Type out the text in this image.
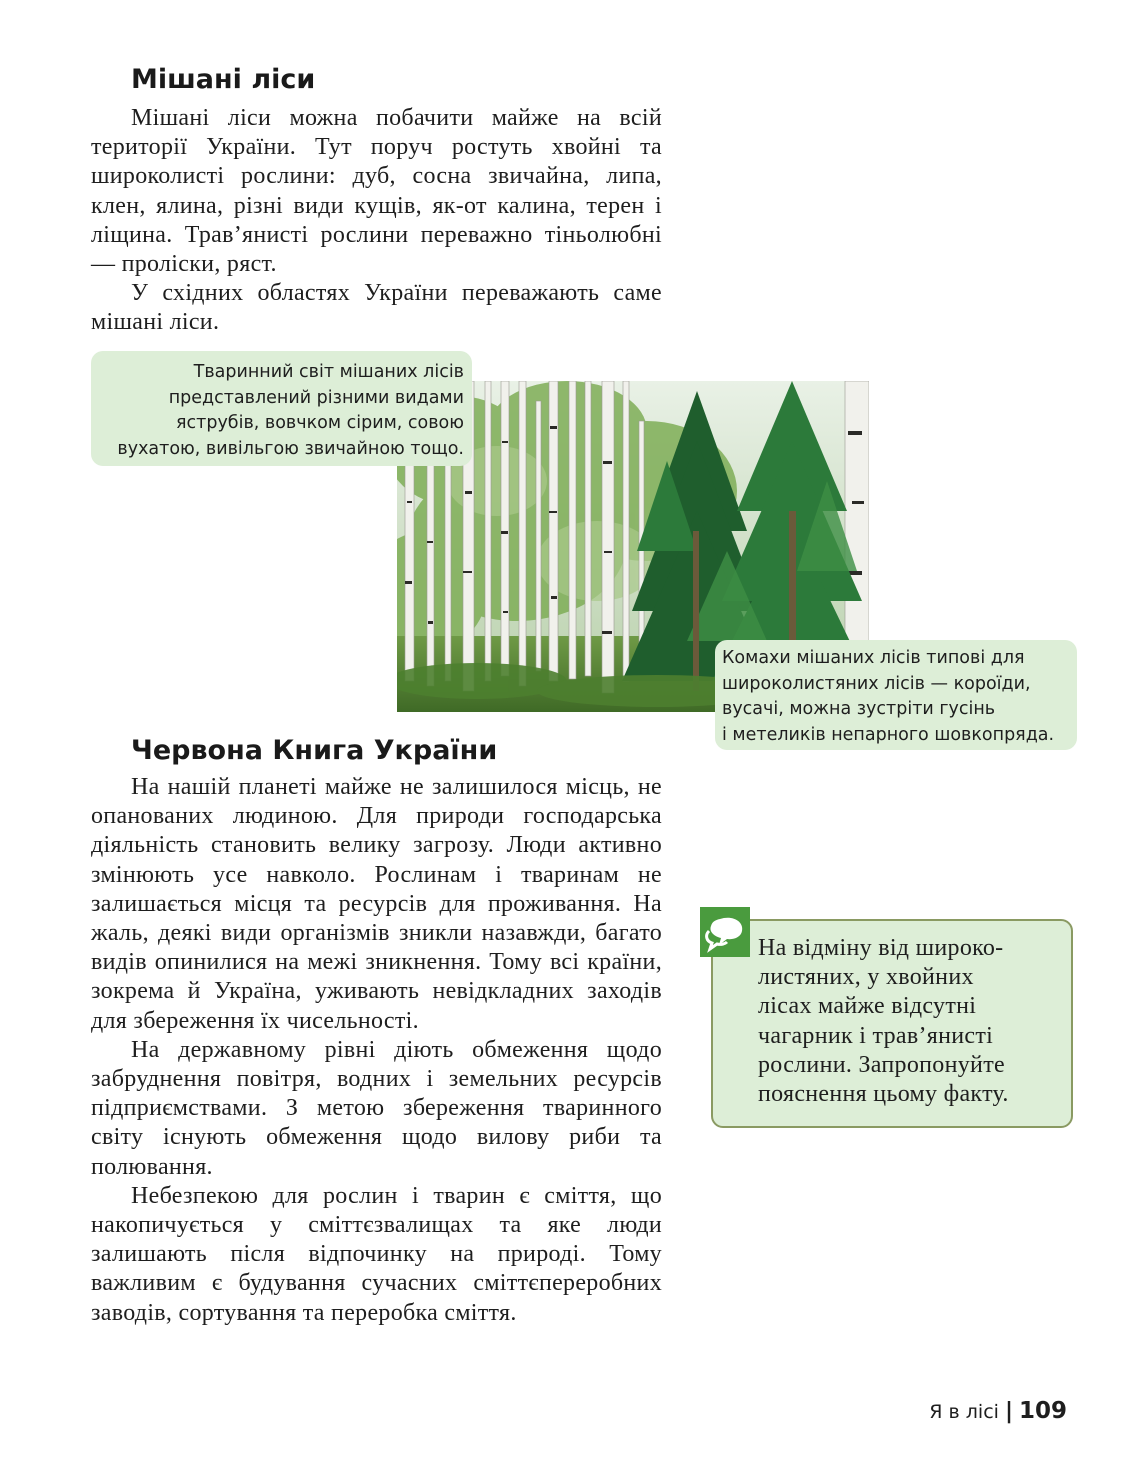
Мішані ліси

Мішані ліси можна побачити майже на всій території України. Тут поруч ростуть хвойні та широколисті рослини: дуб, сосна звичайна, липа, клен, ялина, різні види кущів, як-от калина, терен і ліщина. Трав’янисті рослини переважно тіньолюбні — проліски, ряст.

У східних областях України переважають саме мішані ліси.

Тваринний світ мішаних лісів
представлений різними видами
яструбів, вовчком сірим, совою
вухатою, вивільгою звичайною тощо.
Комахи мішаних лісів типові для
широколистяних лісів — короїди,
вусачі, можна зустріти гусінь
і метеликів непарного шовкопряда.
Червона Книга України

На нашій планеті майже не залишилося місць, не опанованих людиною. Для природи господарська діяльність становить велику загрозу. Люди активно змінюють усе навколо. Рослинам і тваринам не залишається місця та ресурсів для проживання. На жаль, деякі види організмів зникли назавжди, багато видів опинилися на межі зникнення. Тому всі країни, зокрема й Україна, уживають невідкладних заходів для збереження їх чисельності.

На державному рівні діють обмеження щодо забруднення повітря, водних і земельних ресурсів підприємствами. З метою збереження тваринного світу існують обмеження щодо вилову риби та полювання.

Небезпекою для рослин і тварин є сміття, що накопичується у сміттєзвалищах та яке люди залишають після відпочинку на природі. Тому важливим є будування сучасних сміттєпереробних заводів, сортування та переробка сміття.

На відміну від широко-
листяних, у хвойних
лісах майже відсутні
чагарник і трав’янисті
рослини. Запропонуйте
пояснення цьому факту.
Я в лісі | 109
